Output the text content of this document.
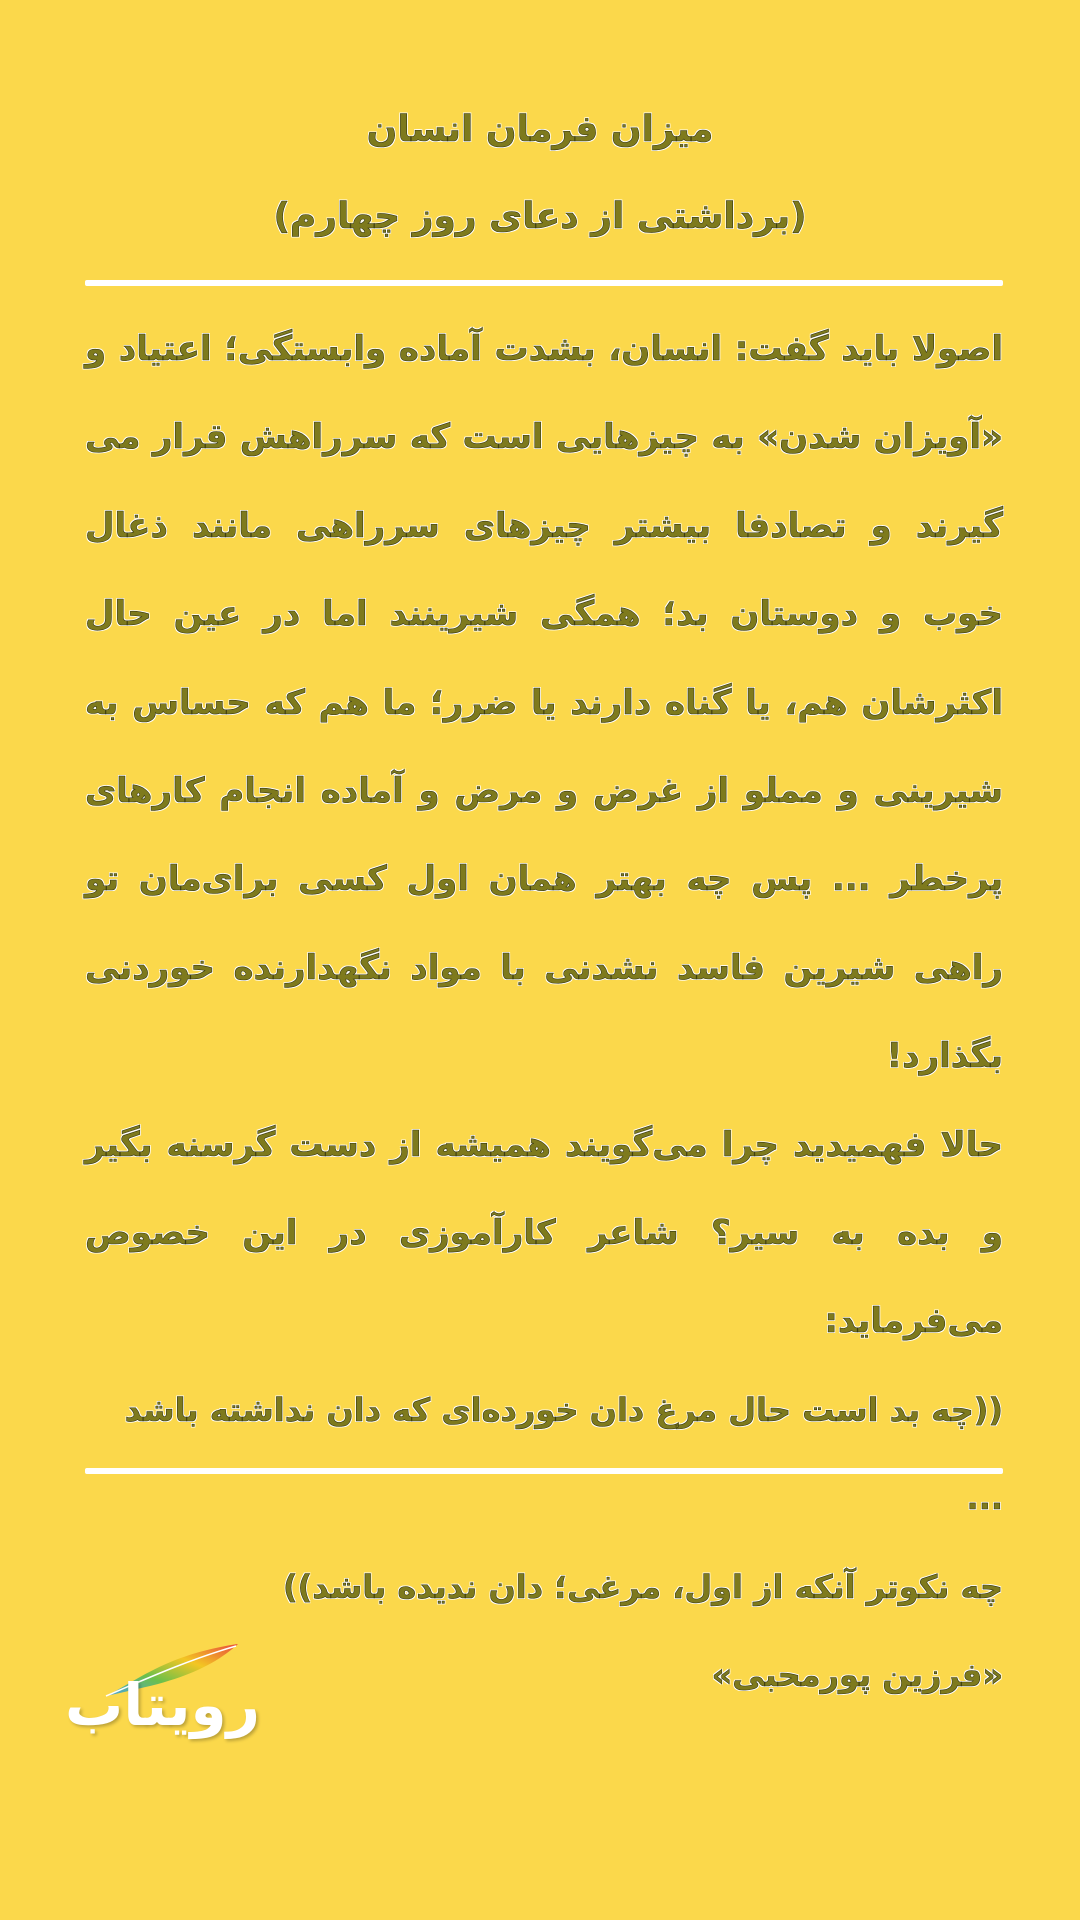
میزان فرمان انسان
(برداشتی از دعای روز چهارم)

اصولا باید گفت: انسان، بشدت آماده وابستگی؛ اعتیاد و «آویزان شدن» به چیزهایی است که سرراهش قرار می گیرند و تصادفا بیشتر چیزهای سرراهی مانند ذغال خوب و دوستان بد؛ همگی شیرینند اما در عین حال اکثرشان هم، یا گناه دارند یا ضرر؛ ما هم که حساس به شیرینی و مملو از غرض و مرض و آماده انجام کارهای پرخطر ... پس چه بهتر همان اول کسی برای‌مان تو راهی شیرین فاسد نشدنی با مواد نگهدارنده خوردنی بگذارد!

حالا فهمیدید چرا می‌گویند همیشه از دست گرسنه بگیر و بده به سیر؟ شاعر کارآموزی در این خصوص می‌فرماید:

((چه بد است حال مرغ دان خورده‌ای که دان نداشته باشد ...

چه نکوتر آنکه از اول، مرغی؛ دان ندیده باشد))

«فرزین پورمحبی»

رویتاب
